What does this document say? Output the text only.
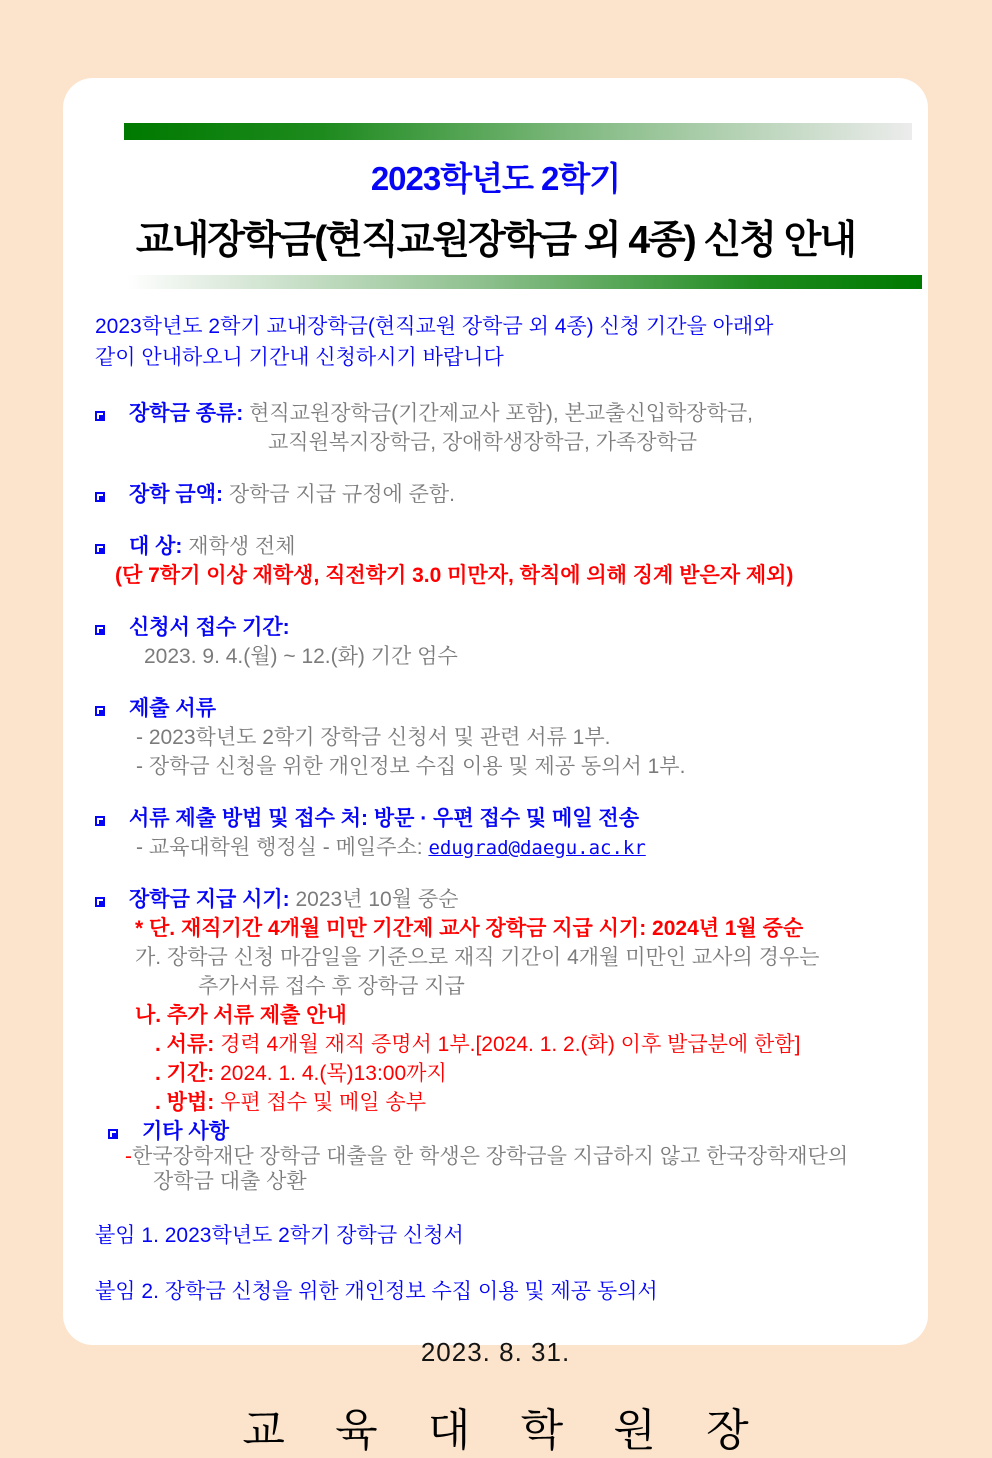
2023학년도 2학기
교내장학금(현직교원장학금 외 4종) 신청 안내
2023학년도 2학기 교내장학금(현직교원 장학금 외 4종) 신청 기간을 아래와
같이 안내하오니 기간내 신청하시기 바랍니다
장학금 종류: 현직교원장학금(기간제교사 포함), 본교출신입학장학금,
교직원복지장학금, 장애학생장학금, 가족장학금
장학 금액: 장학금 지급 규정에 준함.
대 상: 재학생 전체
(단 7학기 이상 재학생, 직전학기 3.0 미만자, 학칙에 의해 징계 받은자 제외)
신청서 접수 기간:
2023. 9. 4.(월) ~ 12.(화) 기간 엄수
제출 서류
- 2023학년도 2학기 장학금 신청서 및 관련 서류 1부.
- 장학금 신청을 위한 개인정보 수집 이용 및 제공 동의서 1부.
서류 제출 방법 및 접수 처: 방문 · 우편 접수 및 메일 전송
- 교육대학원 행정실 - 메일주소: edugrad@daegu.ac.kr
장학금 지급 시기: 2023년 10월 중순
* 단. 재직기간 4개월 미만 기간제 교사 장학금 지급 시기: 2024년 1월 중순
가. 장학금 신청 마감일을 기준으로 재직 기간이 4개월 미만인 교사의 경우는
추가서류 접수 후 장학금 지급
나. 추가 서류 제출 안내
. 서류: 경력 4개월 재직 증명서 1부.[2024. 1. 2.(화) 이후 발급분에 한함]
. 기간: 2024. 1. 4.(목)13:00까지
. 방법: 우편 접수 및 메일 송부
기타 사항
-한국장학재단 장학금 대출을 한 학생은 장학금을 지급하지 않고 한국장학재단의
장학금 대출 상환
붙임 1. 2023학년도 2학기 장학금 신청서
붙임 2. 장학금 신청을 위한 개인정보 수집 이용 및 제공 동의서
2023. 8. 31.
교 육 대 학 원 장
